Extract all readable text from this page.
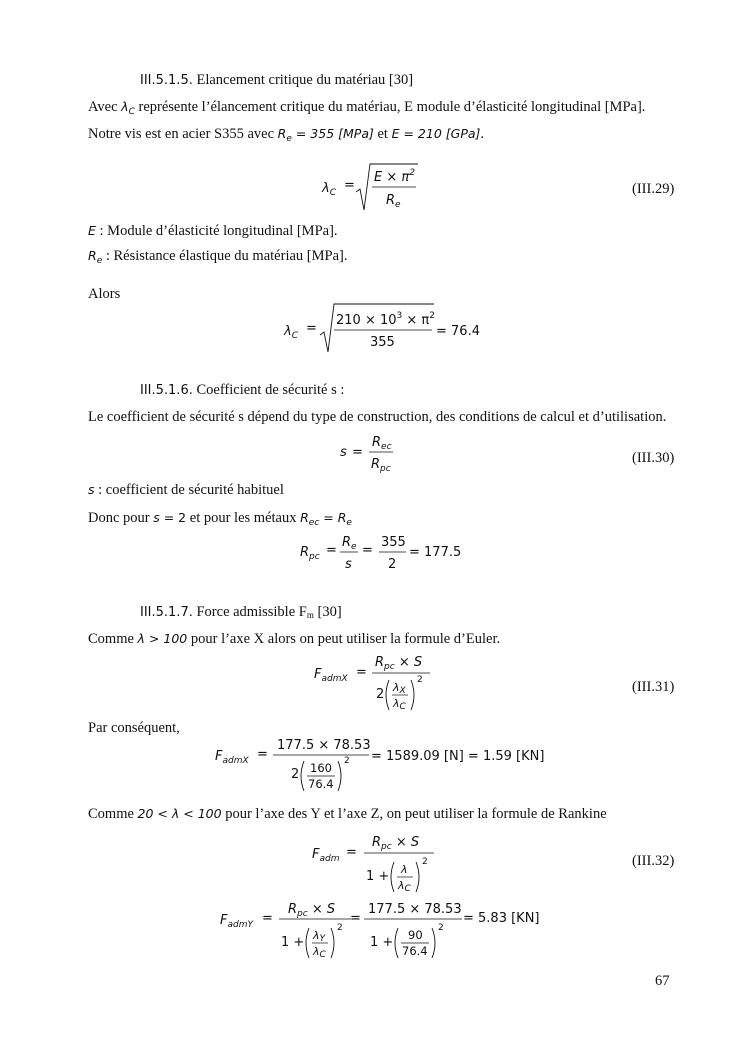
III.5.1.5. Elancement critique du matériau [30]
Avec $\lambda_C$ représente l’élancement critique du matériau, E module d’élasticité longitudinal [MPa].
Notre vis est en acier S355 avec $R_e = 355$ [MPa] et E = 210 [GPa].
$\lambda_C$ =
$E \times \pi^2$
$R_e$
(III.29)
E : Module d’élasticité longitudinal [MPa].
$R_e$ : Résistance élastique du matériau [MPa].
Alors
$\lambda_C$ =
$210 \times 10^3 \times \pi^2$
355
= 76.4
III.5.1.6. Coefficient de sécurité s :
Le coefficient de sécurité s dépend du type de construction, des conditions de calcul et d’utilisation.
s =
$R_{ec}$
$R_{pc}$
(III.30)
s : coefficient de sécurité habituel
Donc pour s = 2 et pour les métaux $R_{ec} = R_e$
$R_{pc}$ =
$R_e$
s
=
355
2
= 177.5
III.5.1.7. Force admissible Fm [30]
Comme λ > 100 pour l’axe X alors on peut utiliser la formule d’Euler.
$F_{admX}$ =
$R_{pc} \times S$
2 λX
λC
2	(III.31)
Par conséquent,
$F_{admX}$ =
177.5 × 78.53
2 160
76.4
2 = 1589.09 [N] = 1.59 [KN]
Comme 20 < λ < 100 pour l’axe des Y et l’axe Z, on peut utiliser la formule de Rankine
$F_{adm}$ =
$R_{pc} \times S$
1 + λ
λC
2	(III.32)
$F_{admY}$ =
$R_{pc} \times S$
1 + λY
λC
2
=
177.5 × 78.53
1 + 90
76.4
2
= 5.83 [KN]
67
